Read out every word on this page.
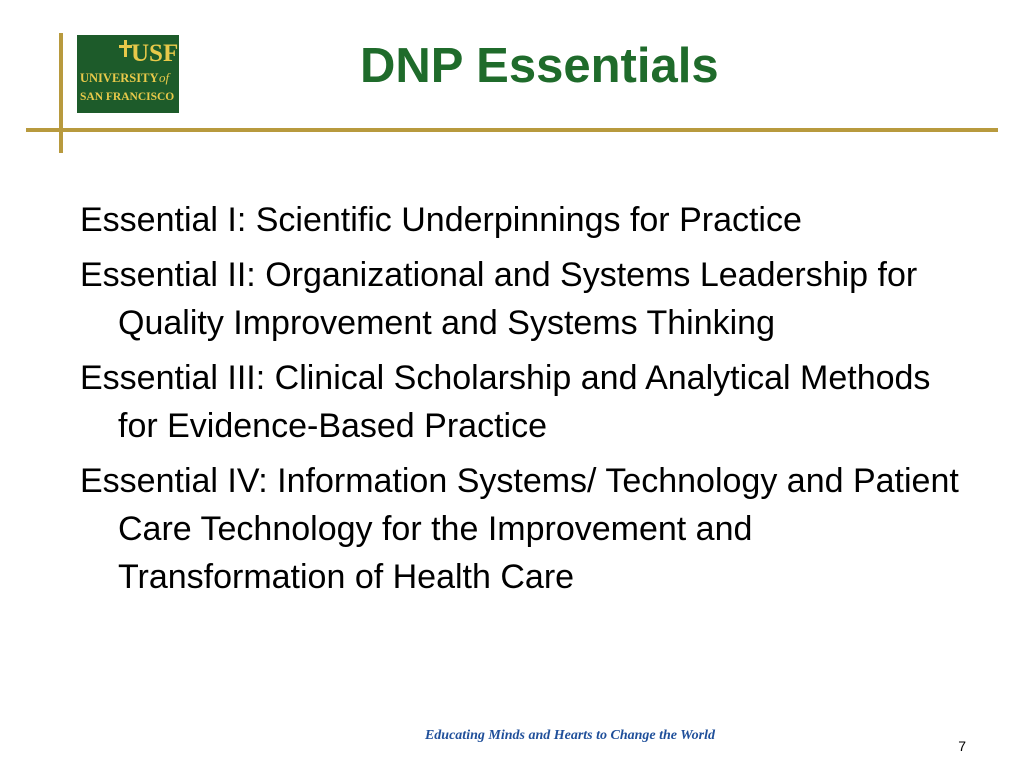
USF
UNIVERSITY of
SAN FRANCISCO
DNP Essentials
Essential I: Scientific Underpinnings for Practice
Essential II: Organizational and Systems Leadership for Quality Improvement and Systems Thinking
Essential III: Clinical Scholarship and Analytical Methods for Evidence-Based Practice
Essential IV: Information Systems/ Technology and Patient Care Technology for the Improvement and Transformation of Health Care
Educating Minds and Hearts to Change the World
7
